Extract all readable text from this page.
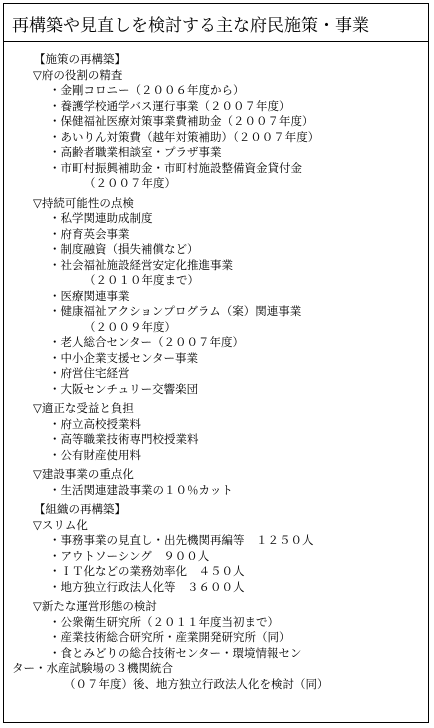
再構築や見直しを検討する主な府民施策・事業
【施策の再構築】
▽府の役割の精査
・金剛コロニー（２００６年度から）
・養護学校通学バス運行事業（２００７年度）
・保健福祉医療対策事業費補助金（２００７年度）
・あいりん対策費（越年対策補助）（２００７年度）
・高齢者職業相談室・プラザ事業
・市町村振興補助金・市町村施設整備資金貸付金
（２００７年度）
▽持続可能性の点検
・私学関連助成制度
・府育英会事業
・制度融資（損失補償など）
・社会福祉施設経営安定化推進事業
（２０１０年度まで）
・医療関連事業
・健康福祉アクションプログラム（案）関連事業
（２００９年度）
・老人総合センター（２００７年度）
・中小企業支援センター事業
・府営住宅経営
・大阪センチュリー交響楽団
▽適正な受益と負担
・府立高校授業料
・高等職業技術専門校授業料
・公有財産使用料
▽建設事業の重点化
・生活関連建設事業の１０％カット
【組織の再構築】
▽スリム化
・事務事業の見直し・出先機関再編等　１２５０人
・アウトソーシング　９００人
・ＩＴ化などの業務効率化　４５０人
・地方独立行政法人化等　３６００人
▽新たな運営形態の検討
・公衆衛生研究所（２０１１年度当初まで）
・産業技術総合研究所・産業開発研究所（同）
・食とみどりの総合技術センター・環境情報セン
ター・水産試験場の３機関統合
（０７年度）後、地方独立行政法人化を検討（同）
